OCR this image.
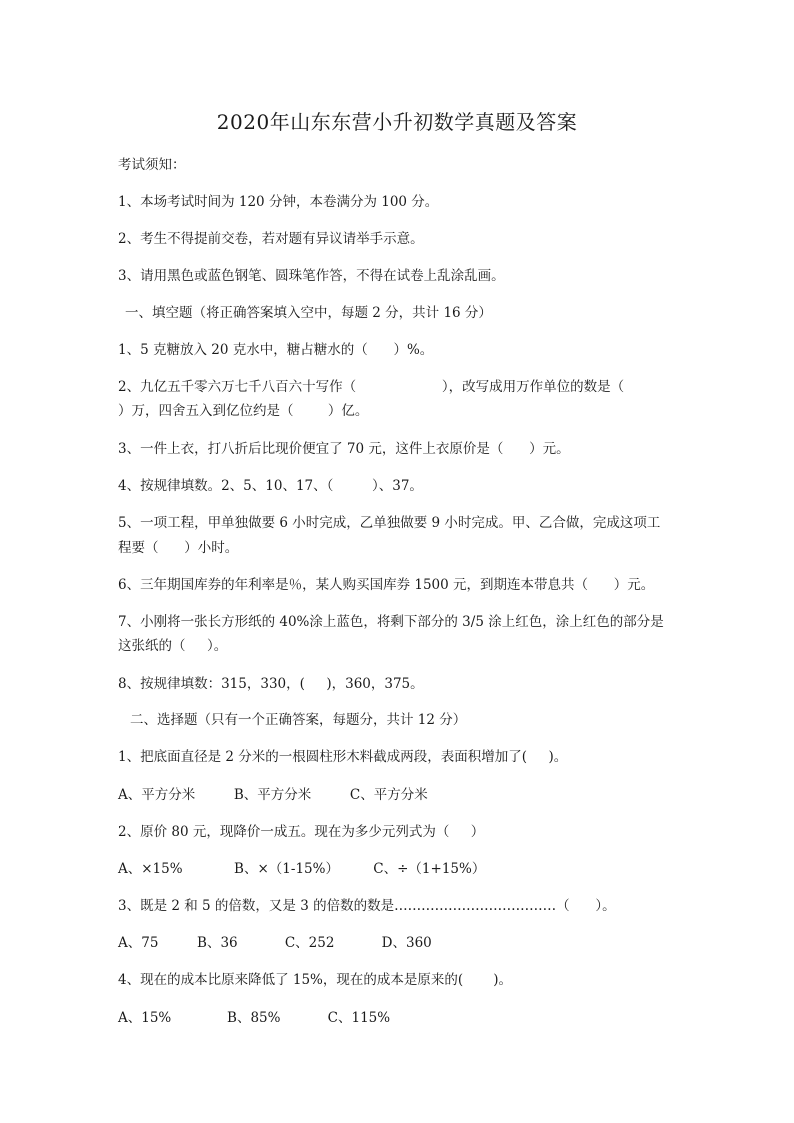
2020年山东东营小升初数学真题及答案
考试须知：
1、本场考试时间为 120 分钟，本卷满分为 100 分。
2、考生不得提前交卷，若对题有异议请举手示意。
3、请用黑色或蓝色钢笔、圆珠笔作答，不得在试卷上乱涂乱画。
一、填空题（将正确答案填入空中，每题 2 分，共计 16 分）
1、5 克糖放入 20 克水中，糖占糖水的（      ）%。
2、九亿五千零六万七千八百六十写作（                    ），改写成用万作单位的数是（
）万，四舍五入到亿位约是（        ）亿。
3、一件上衣，打八折后比现价便宜了 70 元，这件上衣原价是（      ）元。
4、按规律填数。2、5、10、17、（         ）、37。
5、一项工程，甲单独做要 6 小时完成，乙单独做要 9 小时完成。甲、乙合做，完成这项工
程要（      ）小时。
6、三年期国库券的年利率是％，某人购买国库券 1500 元，到期连本带息共（      ）元。
7、小刚将一张长方形纸的 40%涂上蓝色，将剩下部分的 3/5 涂上红色，涂上红色的部分是
这张纸的（     ）。
8、按规律填数：315，330，(     )，360，375。
二、选择题（只有一个正确答案，每题分，共计 12 分）
1、把底面直径是 2 分米的一根圆柱形木料截成两段，表面积增加了(     )。
A、平方分米         B、平方分米         C、平方分米
2、原价 80 元，现降价一成五。现在为多少元列式为（     ）
A、×15%            B、×（1-15%）        C、÷（1+15%）
3、既是 2 和 5 的倍数，又是 3 的倍数的数是………………………………（      ）。
A、75         B、36           C、252           D、360
4、现在的成本比原来降低了 15%，现在的成本是原来的(       )。
A、15%             B、85%           C、115%
